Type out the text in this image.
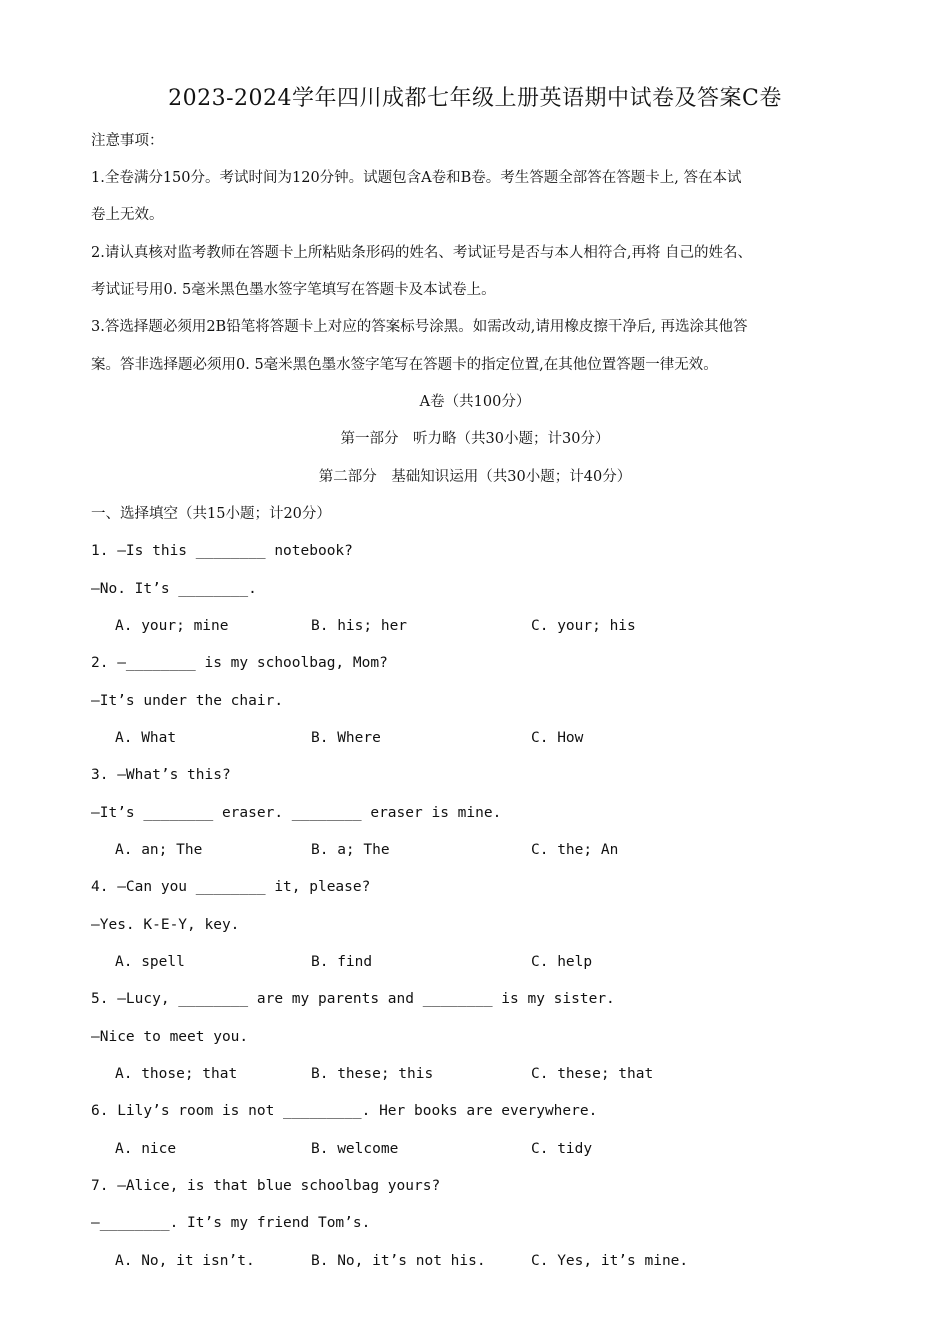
2023-2024学年四川成都七年级上册英语期中试卷及答案C卷
注意事项：
1.全卷满分150分。考试时间为120分钟。试题包含A卷和B卷。考生答题全部答在答题卡上, 答在本试
卷上无效。
2.请认真核对监考教师在答题卡上所粘贴条形码的姓名、考试证号是否与本人相符合,再将 自己的姓名、
考试证号用0. 5毫米黑色墨水签字笔填写在答题卡及本试卷上。
3.答选择题必须用2B铅笔将答题卡上对应的答案标号涂黑。如需改动,请用橡皮擦干净后, 再选涂其他答
案。答非选择题必须用0. 5毫米黑色墨水签字笔写在答题卡的指定位置,在其他位置答题一律无效。
A卷（共100分）
第一部分　听力略（共30小题；计30分）
第二部分　基础知识运用（共30小题；计40分）
一、选择填空（共15小题；计20分）
1. —Is this ________ notebook?
—No. It’s ________.
A. your; mine	B. his; her	C. your; his
2. —________ is my schoolbag, Mom?
—It’s under the chair.
A. What	B. Where	C. How
3. —What’s this?
—It’s ________ eraser. ________ eraser is mine.
A. an; The	B. a; The	C. the; An
4. —Can you ________ it, please?
—Yes. K-E-Y, key.
A. spell	B. find	C. help
5. —Lucy, ________ are my parents and ________ is my sister.
—Nice to meet you.
A. those; that	B. these; this	C. these; that
6. Lily’s room is not _________. Her books are everywhere.
A. nice	B. welcome	C. tidy
7. —Alice, is that blue schoolbag yours?
—________. It’s my friend Tom’s.
A. No, it isn’t.	B. No, it’s not his.	C. Yes, it’s mine.
